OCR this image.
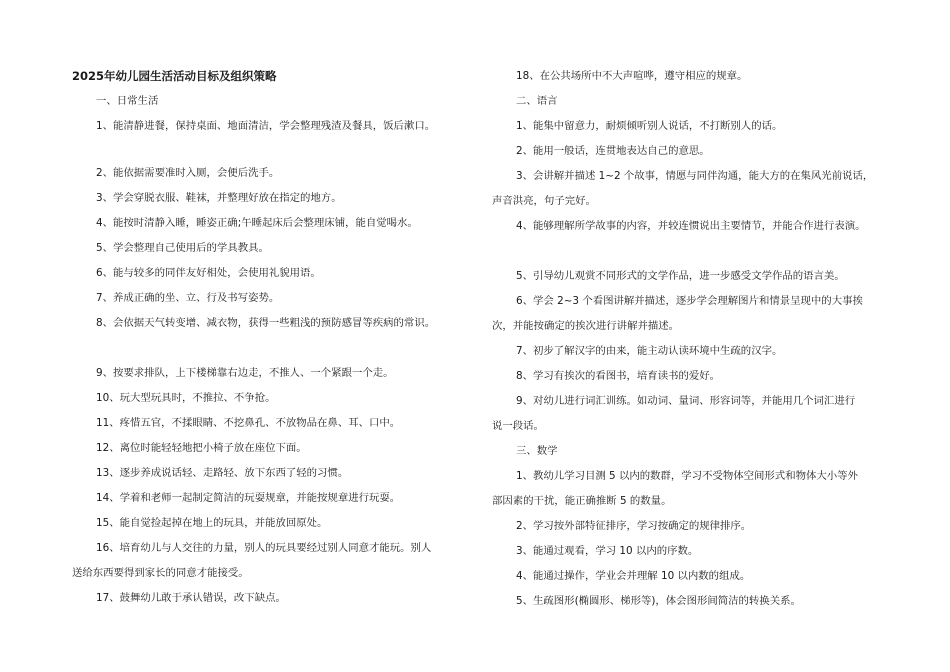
2025年幼儿园生活活动目标及组织策略
一、日常生活
1、能清静进餐，保持桌面、地面清洁，学会整理残渣及餐具，饭后漱口。
2、能依据需要准时入厕，会便后洗手。
3、学会穿脱衣服、鞋袜，并整理好放在指定的地方。
4、能按时清静入睡，睡姿正确;午睡起床后会整理床铺，能自觉喝水。
5、学会整理自己使用后的学具教具。
6、能与较多的同伴友好相处，会使用礼貌用语。
7、养成正确的坐、立、行及书写姿势。
8、会依据天气转变增、减衣物，获得一些粗浅的预防感冒等疾病的常识。
9、按要求排队，上下楼梯靠右边走，不推人、一个紧跟一个走。
10、玩大型玩具时，不推拉、不争抢。
11、疼惜五官，不揉眼睛、不挖鼻孔、不放物品在鼻、耳、口中。
12、离位时能轻轻地把小椅子放在座位下面。
13、逐步养成说话轻、走路轻、放下东西了轻的习惯。
14、学着和老师一起制定简洁的玩耍规章，并能按规章进行玩耍。
15、能自觉捡起掉在地上的玩具，并能放回原处。
16、培育幼儿与人交往的力量，别人的玩具要经过别人同意才能玩。别人
送给东西要得到家长的同意才能接受。
17、鼓舞幼儿敢于承认错误，改下缺点。
18、在公共场所中不大声喧哗，遵守相应的规章。
二、语言
1、能集中留意力，耐烦倾听别人说话，不打断别人的话。
2、能用一般话，连贯地表达自己的意思。
3、会讲解并描述 1~2 个故事，情愿与同伴沟通，能大方的在集风光前说话，
声音洪亮，句子完好。
4、能够理解所学故事的内容，并较连惯说出主要情节，并能合作进行表演。
5、引导幼儿观赏不同形式的文学作品，进一步感受文学作品的语言美。
6、学会 2~3 个看图讲解并描述，逐步学会理解图片和情景呈现中的大事挨
次，并能按确定的挨次进行讲解并描述。
7、初步了解汉字的由来，能主动认读环境中生疏的汉字。
8、学习有挨次的看图书，培育读书的爱好。
9、对幼儿进行词汇训练。如动词、量词、形容词等，并能用几个词汇进行
说一段话。
三、数学
1、教幼儿学习目测 5 以内的数群，学习不受物体空间形式和物体大小等外
部因素的干扰，能正确推断 5 的数量。
2、学习按外部特征排序，学习按确定的规律排序。
3、能通过观看，学习 10 以内的序数。
4、能通过操作，学业会并理解 10 以内数的组成。
5、生疏图形(椭圆形、梯形等)，体会图形间简洁的转换关系。
